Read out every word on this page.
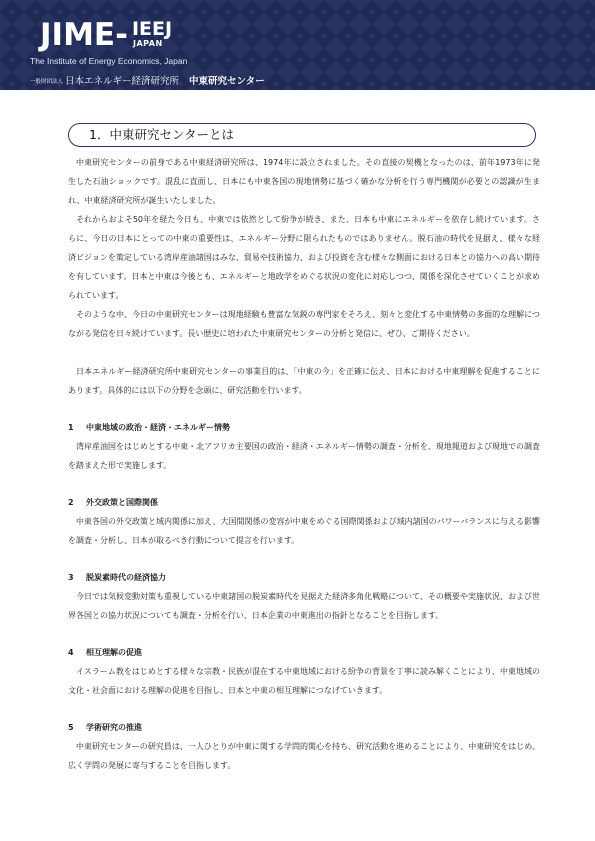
JIME- IEEJ
JAPAN
The Institute of Energy Economics, Japan
一般財団法人 日本エネルギー経済研究所 中東研究センター
1．中東研究センターとは

中東研究センターの前身である中東経済研究所は、1974年に設立されました。その直接の契機となったのは、前年1973年に発生した石油ショックです。混乱に直面し、日本にも中東各国の現地情勢に基づく確かな分析を行う専門機関が必要との認識が生まれ、中東経済研究所が誕生いたしました。

それからおよそ50年を経た今日も、中東では依然として紛争が続き、また、日本も中東にエネルギーを依存し続けています。さらに、今日の日本にとっての中東の重要性は、エネルギー分野に限られたものではありません。脱石油の時代を見据え、様々な経済ビジョンを策定している湾岸産油諸国はみな、貿易や技術協力、および投資を含む様々な側面における日本との協力への高い期待を有しています。日本と中東は今後とも、エネルギーと地政学をめぐる状況の変化に対応しつつ、関係を深化させていくことが求められています。

そのような中、今日の中東研究センターは現地経験も豊富な気鋭の専門家をそろえ、刻々と変化する中東情勢の多面的な理解につながる発信を日々続けています。長い歴史に培われた中東研究センターの分析と発信に、ぜひ、ご期待ください。

日本エネルギー経済研究所中東研究センターの事業目的は、「中東の今」を正確に伝え、日本における中東理解を促進することにあります。具体的には以下の分野を念頭に、研究活動を行います。

1 中東地域の政治・経済・エネルギー情勢

湾岸産油国をはじめとする中東・北アフリカ主要国の政治・経済・エネルギー情勢の調査・分析を、現地報道および現地での調査を踏まえた形で実施します。

2 外交政策と国際関係

中東各国の外交政策と域内関係に加え、大国間関係の変容が中東をめぐる国際関係および域内諸国のパワーバランスに与える影響を調査・分析し、日本が取るべき行動について提言を行います。

3 脱炭素時代の経済協力

今日では気候変動対策も重視している中東諸国の脱炭素時代を見据えた経済多角化戦略について、その概要や実施状況、および世界各国との協力状況についても調査・分析を行い、日本企業の中東進出の指針となることを目指します。

4 相互理解の促進

イスラーム教をはじめとする様々な宗教・民族が混在する中東地域における紛争の背景を丁寧に読み解くことにより、中東地域の文化・社会面における理解の促進を目指し、日本と中東の相互理解につなげていきます。

5 学術研究の推進

中東研究センターの研究員は、一人ひとりが中東に関する学問的関心を持ち、研究活動を進めることにより、中東研究をはじめ、広く学問の発展に寄与することを目指します。
